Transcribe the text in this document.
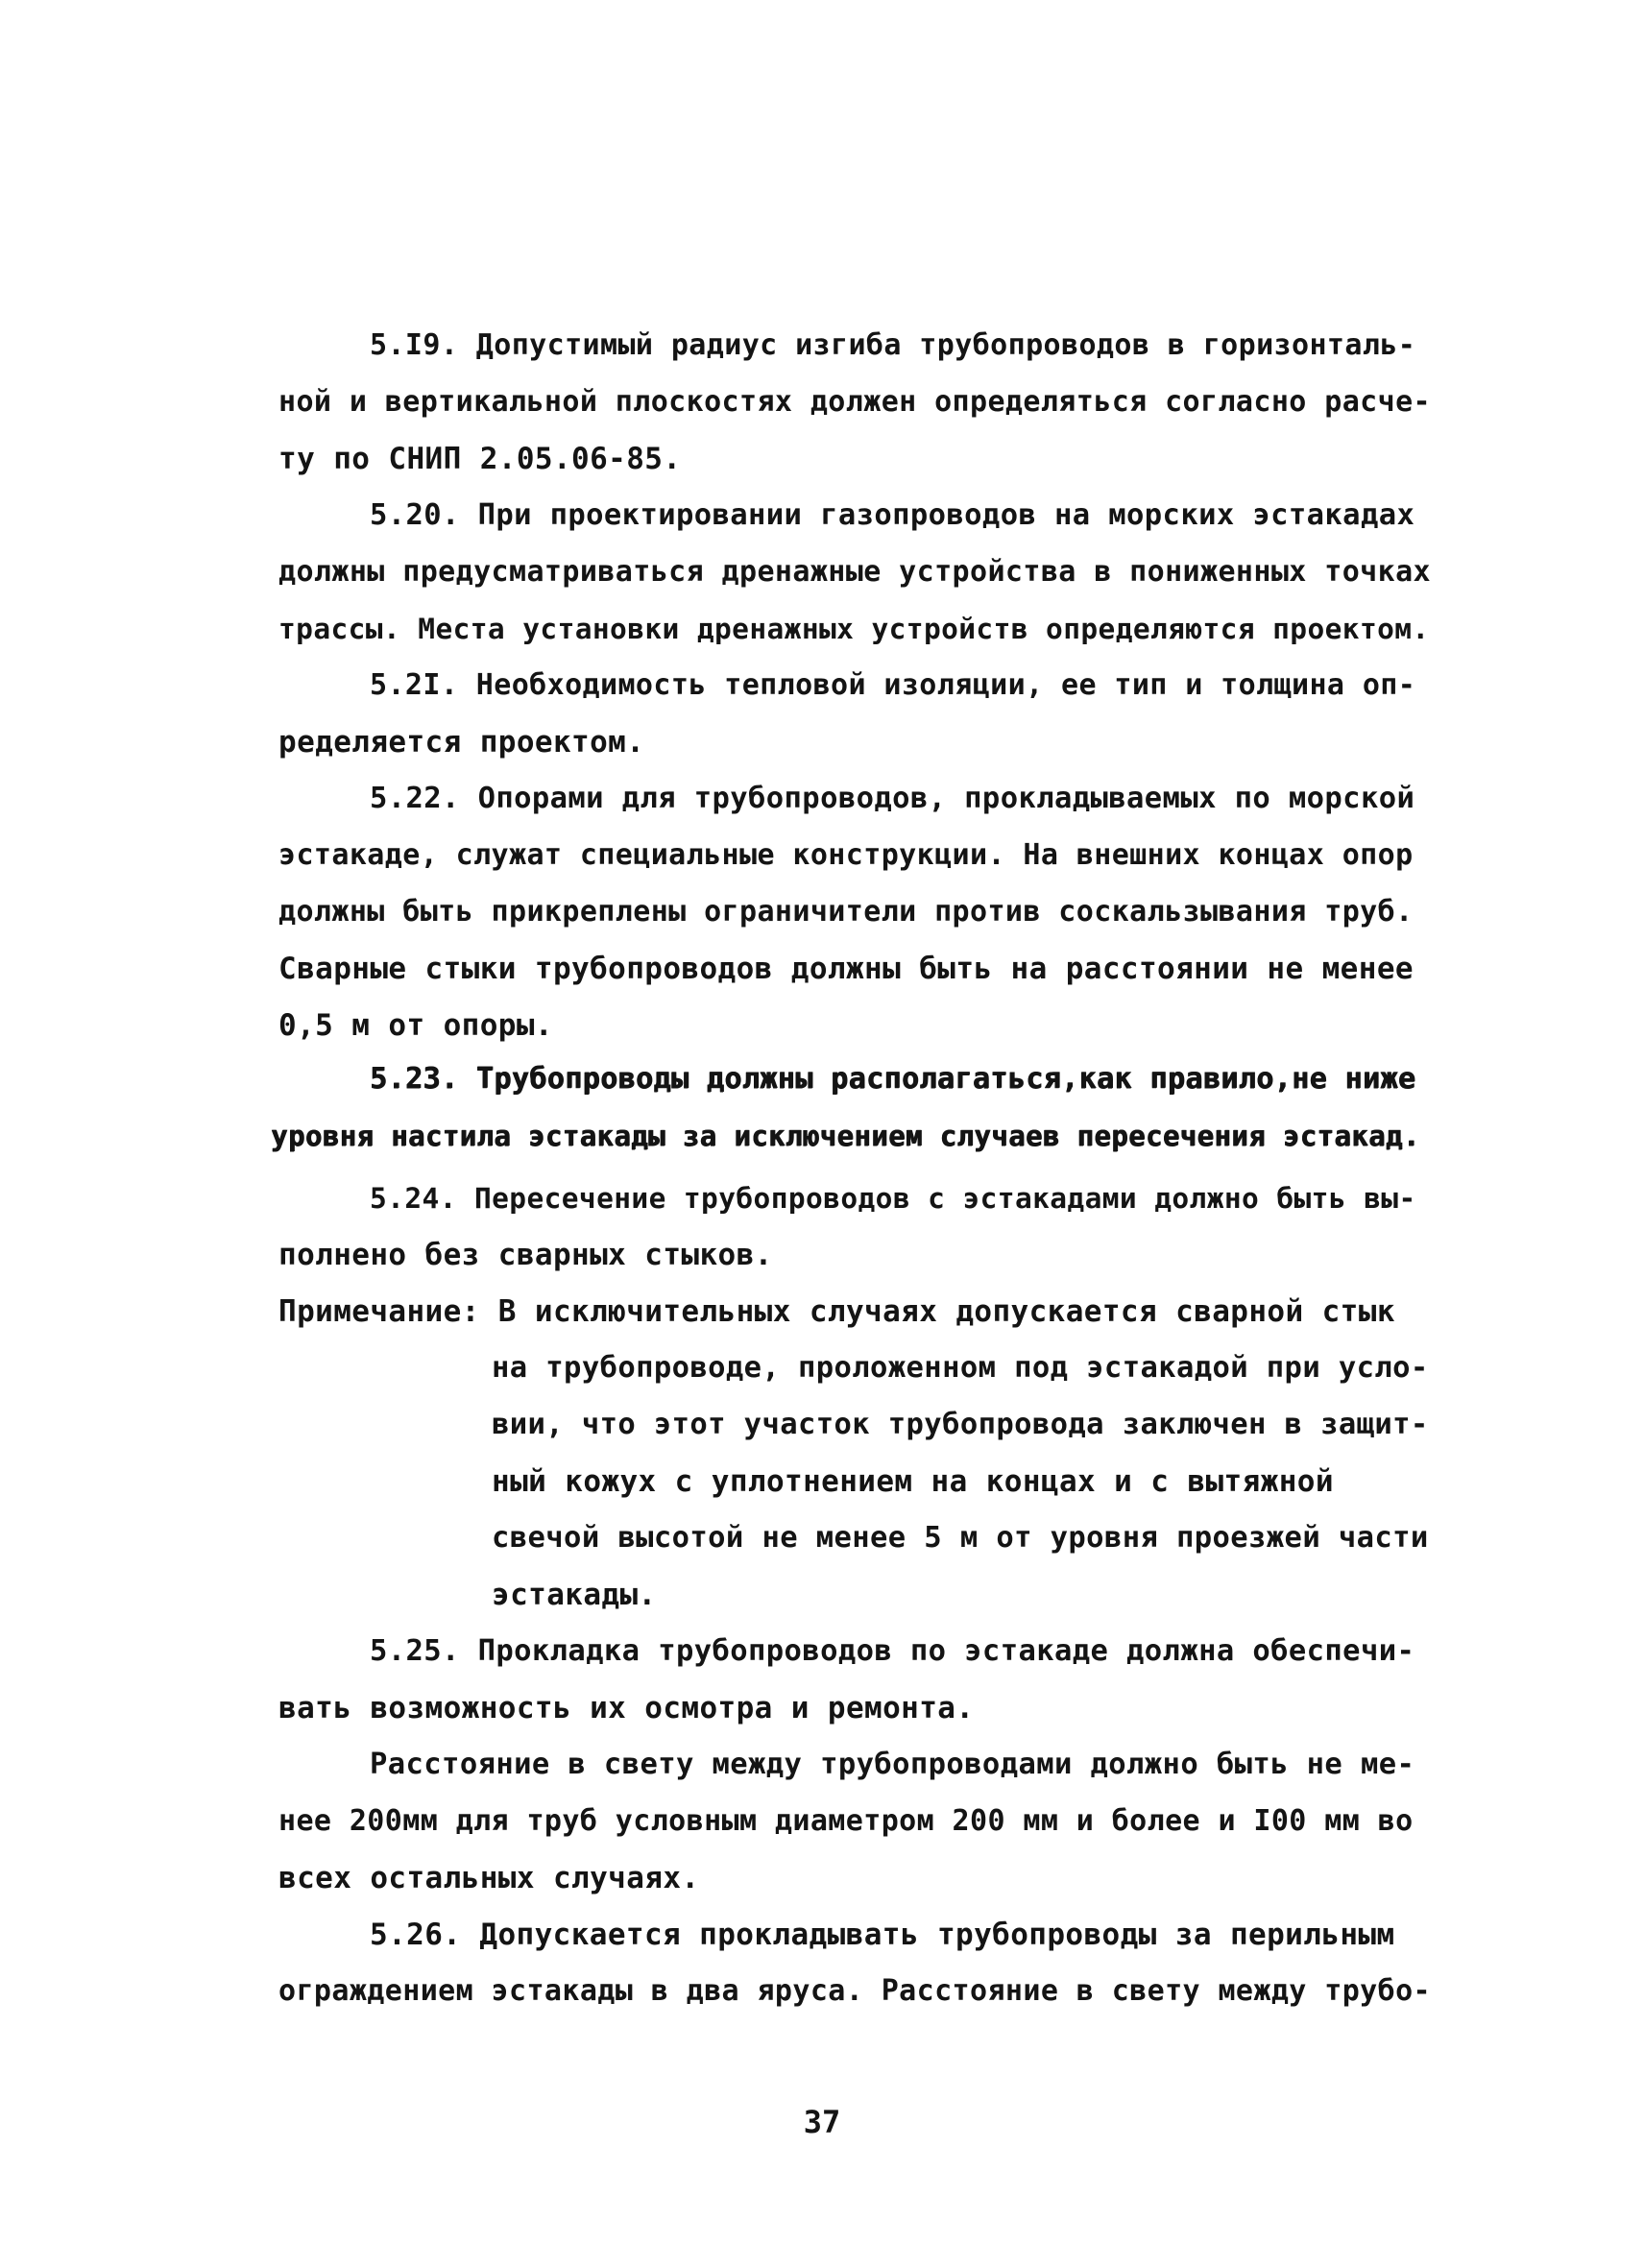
5.I9. Допустимый радиус изгиба трубопроводов в горизонталь-
ной и вертикальной плоскостях должен определяться согласно расче-
ту по СНИП 2.05.06-85.
5.20. При проектировании газопроводов на морских эстакадах
должны предусматриваться дренажные устройства в пониженных точках
трассы. Места установки дренажных устройств определяются проектом.
5.2I. Необходимость тепловой изоляции, ее тип и толщина оп-
ределяется проектом.
5.22. Опорами для трубопроводов, прокладываемых по морской
эстакаде, служат специальные конструкции. На внешних концах опор
должны быть прикреплены ограничители против соскальзывания труб.
Сварные стыки трубопроводов должны быть на расстоянии не менее
0,5 м от опоры.
5.23. Трубопроводы должны располагаться,как правило,не ниже
уровня настила эстакады за исключением случаев пересечения эстакад.
5.24. Пересечение трубопроводов с эстакадами должно быть вы-
полнено без сварных стыков.
Примечание: В исключительных случаях допускается сварной стык
на трубопроводе, проложенном под эстакадой при усло-
вии, что этот участок трубопровода заключен в защит-
ный кожух с уплотнением на концах и с вытяжной
свечой высотой не менее 5 м от уровня проезжей части
эстакады.
5.25. Прокладка трубопроводов по эстакаде должна обеспечи-
вать возможность их осмотра и ремонта.
Расстояние в свету между трубопроводами должно быть не ме-
нее 200мм для труб условным диаметром 200 мм и более и I00 мм во
всех остальных случаях.
5.26. Допускается прокладывать трубопроводы за перильным
ограждением эстакады в два яруса. Расстояние в свету между трубо-
37
